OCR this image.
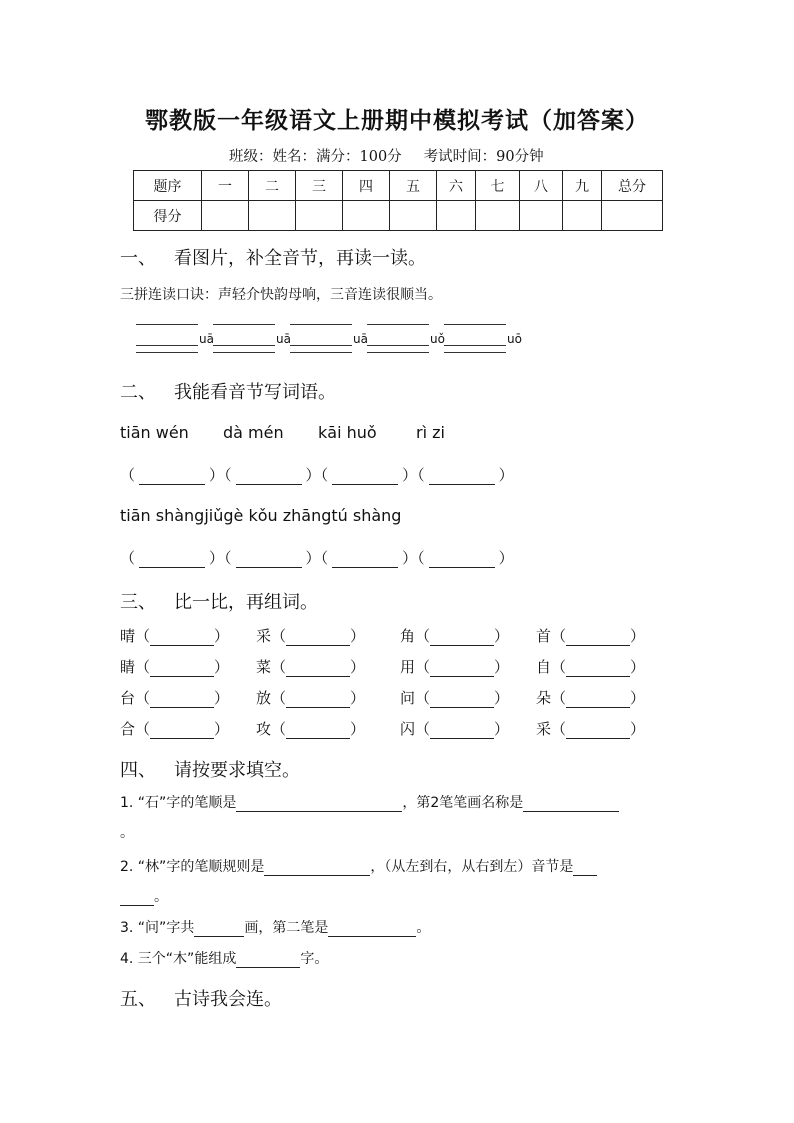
鄂教版一年级语文上册期中模拟考试（加答案）
班级：姓名：满分：100分 考试时间：90分钟
题序	一	二	三	四	五	六	七	八	九	总分
得分										
一、 看图片，补全音节，再读一读。
三拼连读口诀：声轻介快韵母响，三音连读很顺当。
uā	uā	uā	uǒ	uō
二、 我能看音节写词语。
tiān wén dà mén kāi huǒ rì zi
（	）（	）（	）（	）
tiān shàngjiǔgè kǒu zhāngtú shàng
（	）（	）（	）（	）
三、 比一比，再组词。
晴（	） 采（	） 角（	） 首（	）
睛（	） 菜（	） 用（	） 自（	）
台（	） 放（	） 问（	） 朵（	）
合（	） 攻（	） 闪（	） 采（	）
四、 请按要求填空。
1. “石”字的笔顺是	，第2笔笔画名称是
。
2. “林”字的笔顺规则是	，（从左到右，从右到左）音节是
。
3. “问”字共	画，第二笔是	。
4. 三个“木”能组成	字。
五、 古诗我会连。
